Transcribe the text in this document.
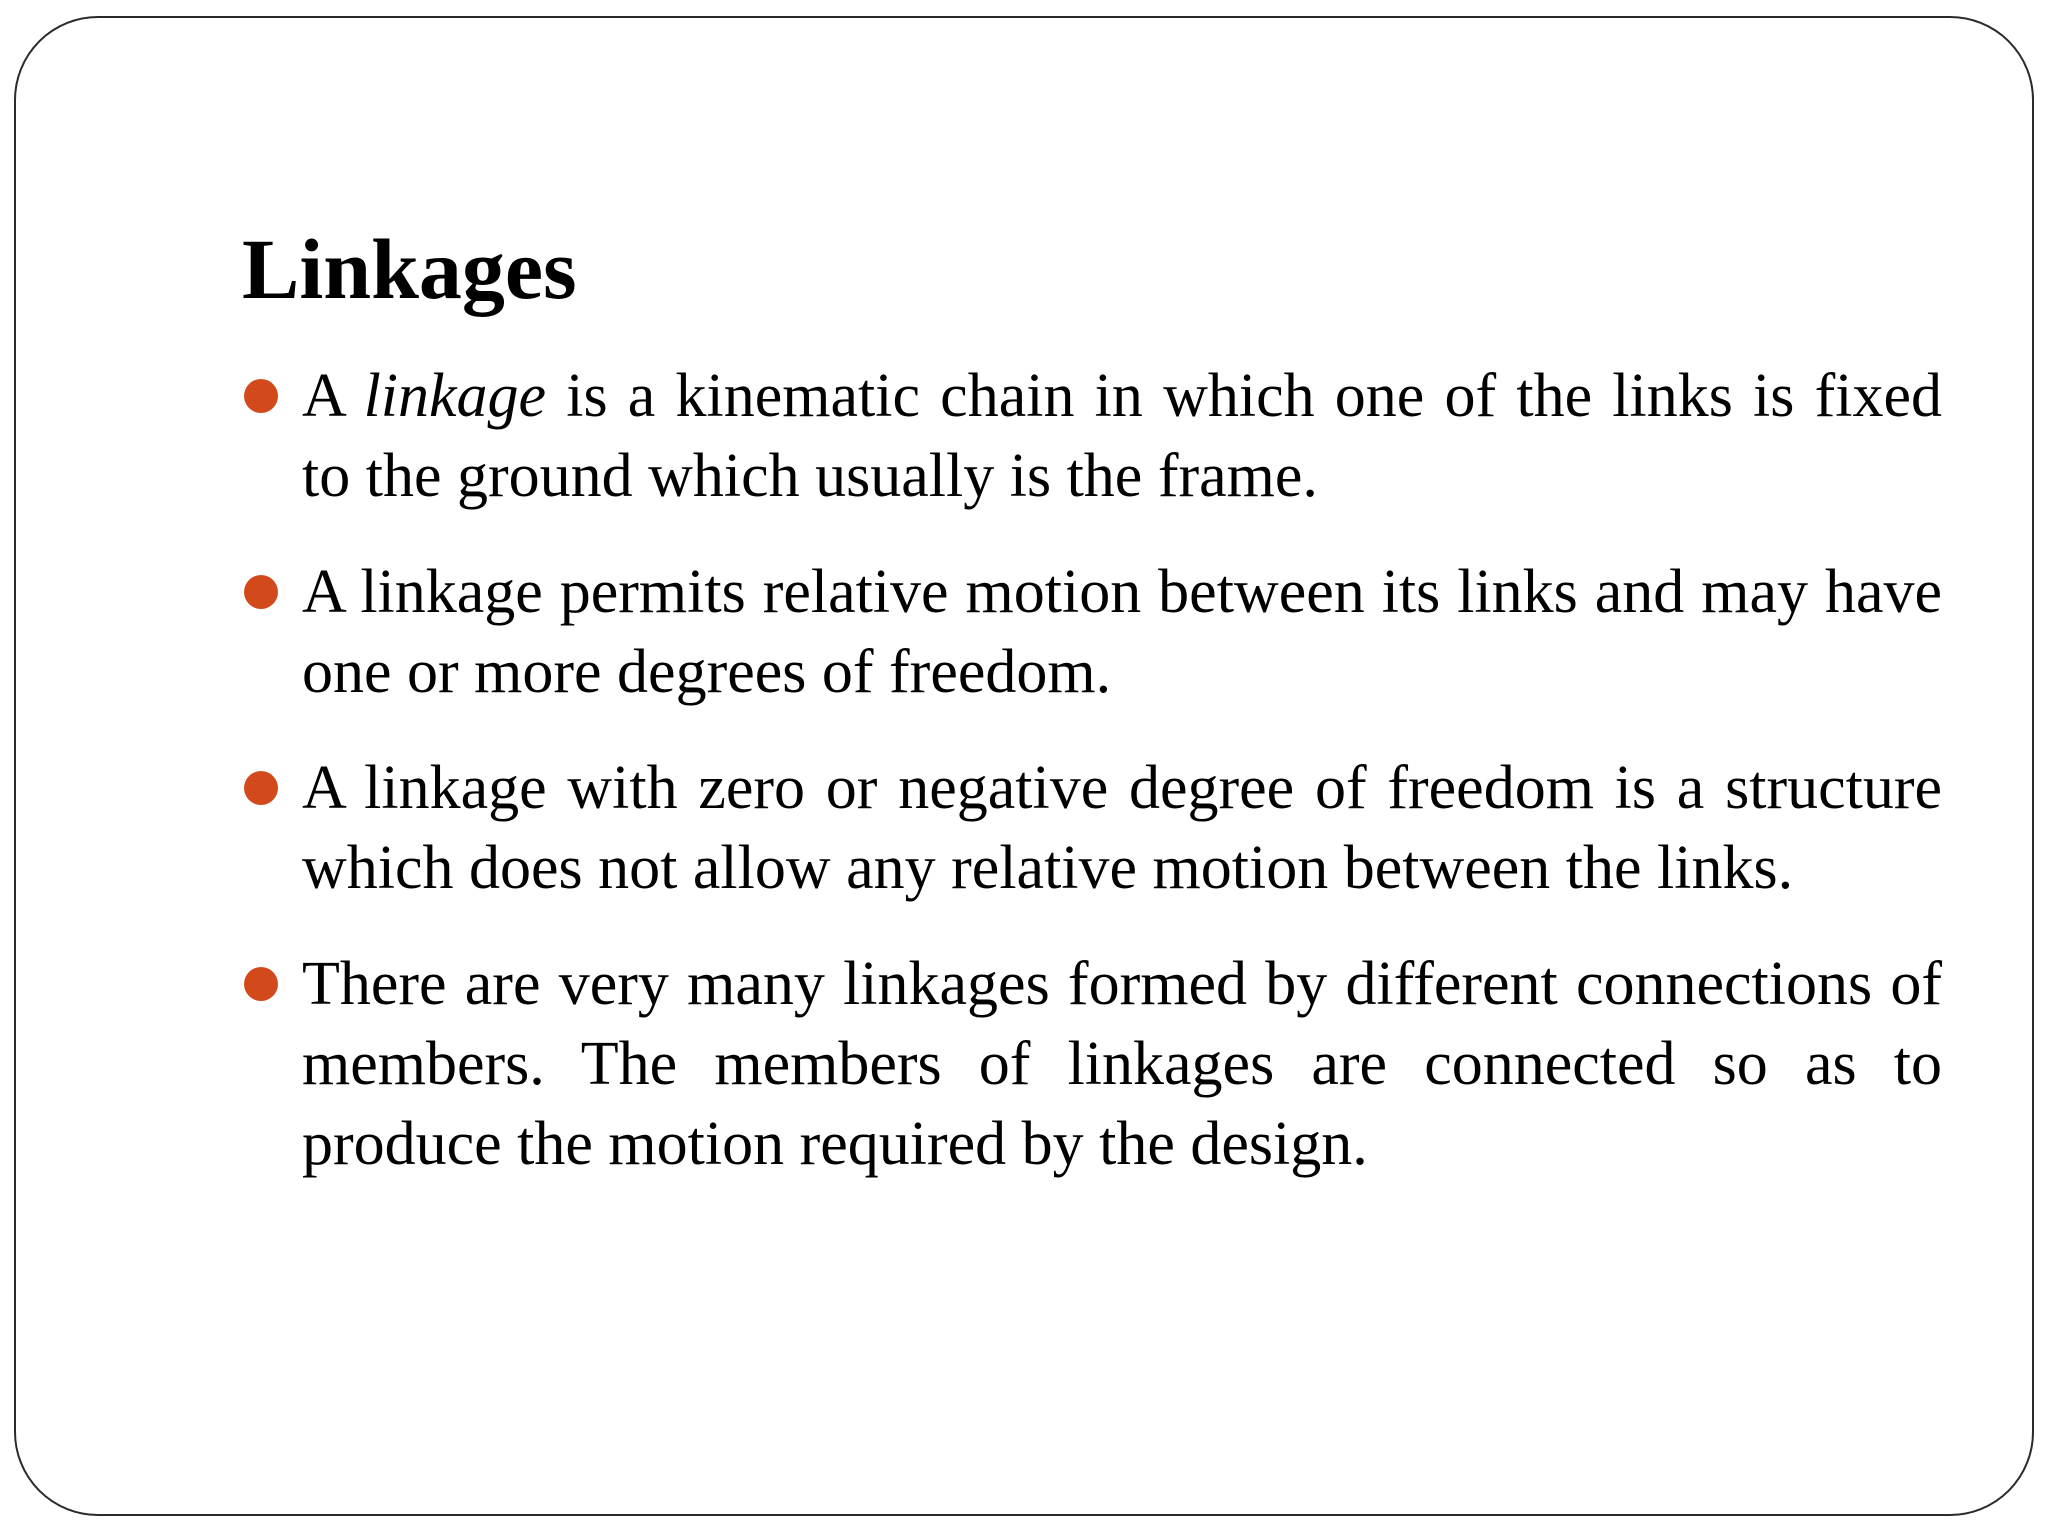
Linkages
A linkage is a kinematic chain in which one of the links is fixed to the ground which usually is the frame.
A linkage permits relative motion between its links and may have one or more degrees of freedom.
A linkage with zero or negative degree of freedom is a structure which does not allow any relative motion between the links.
There are very many linkages formed by different connections of members. The members of linkages are connected so as to produce the motion required by the design.
